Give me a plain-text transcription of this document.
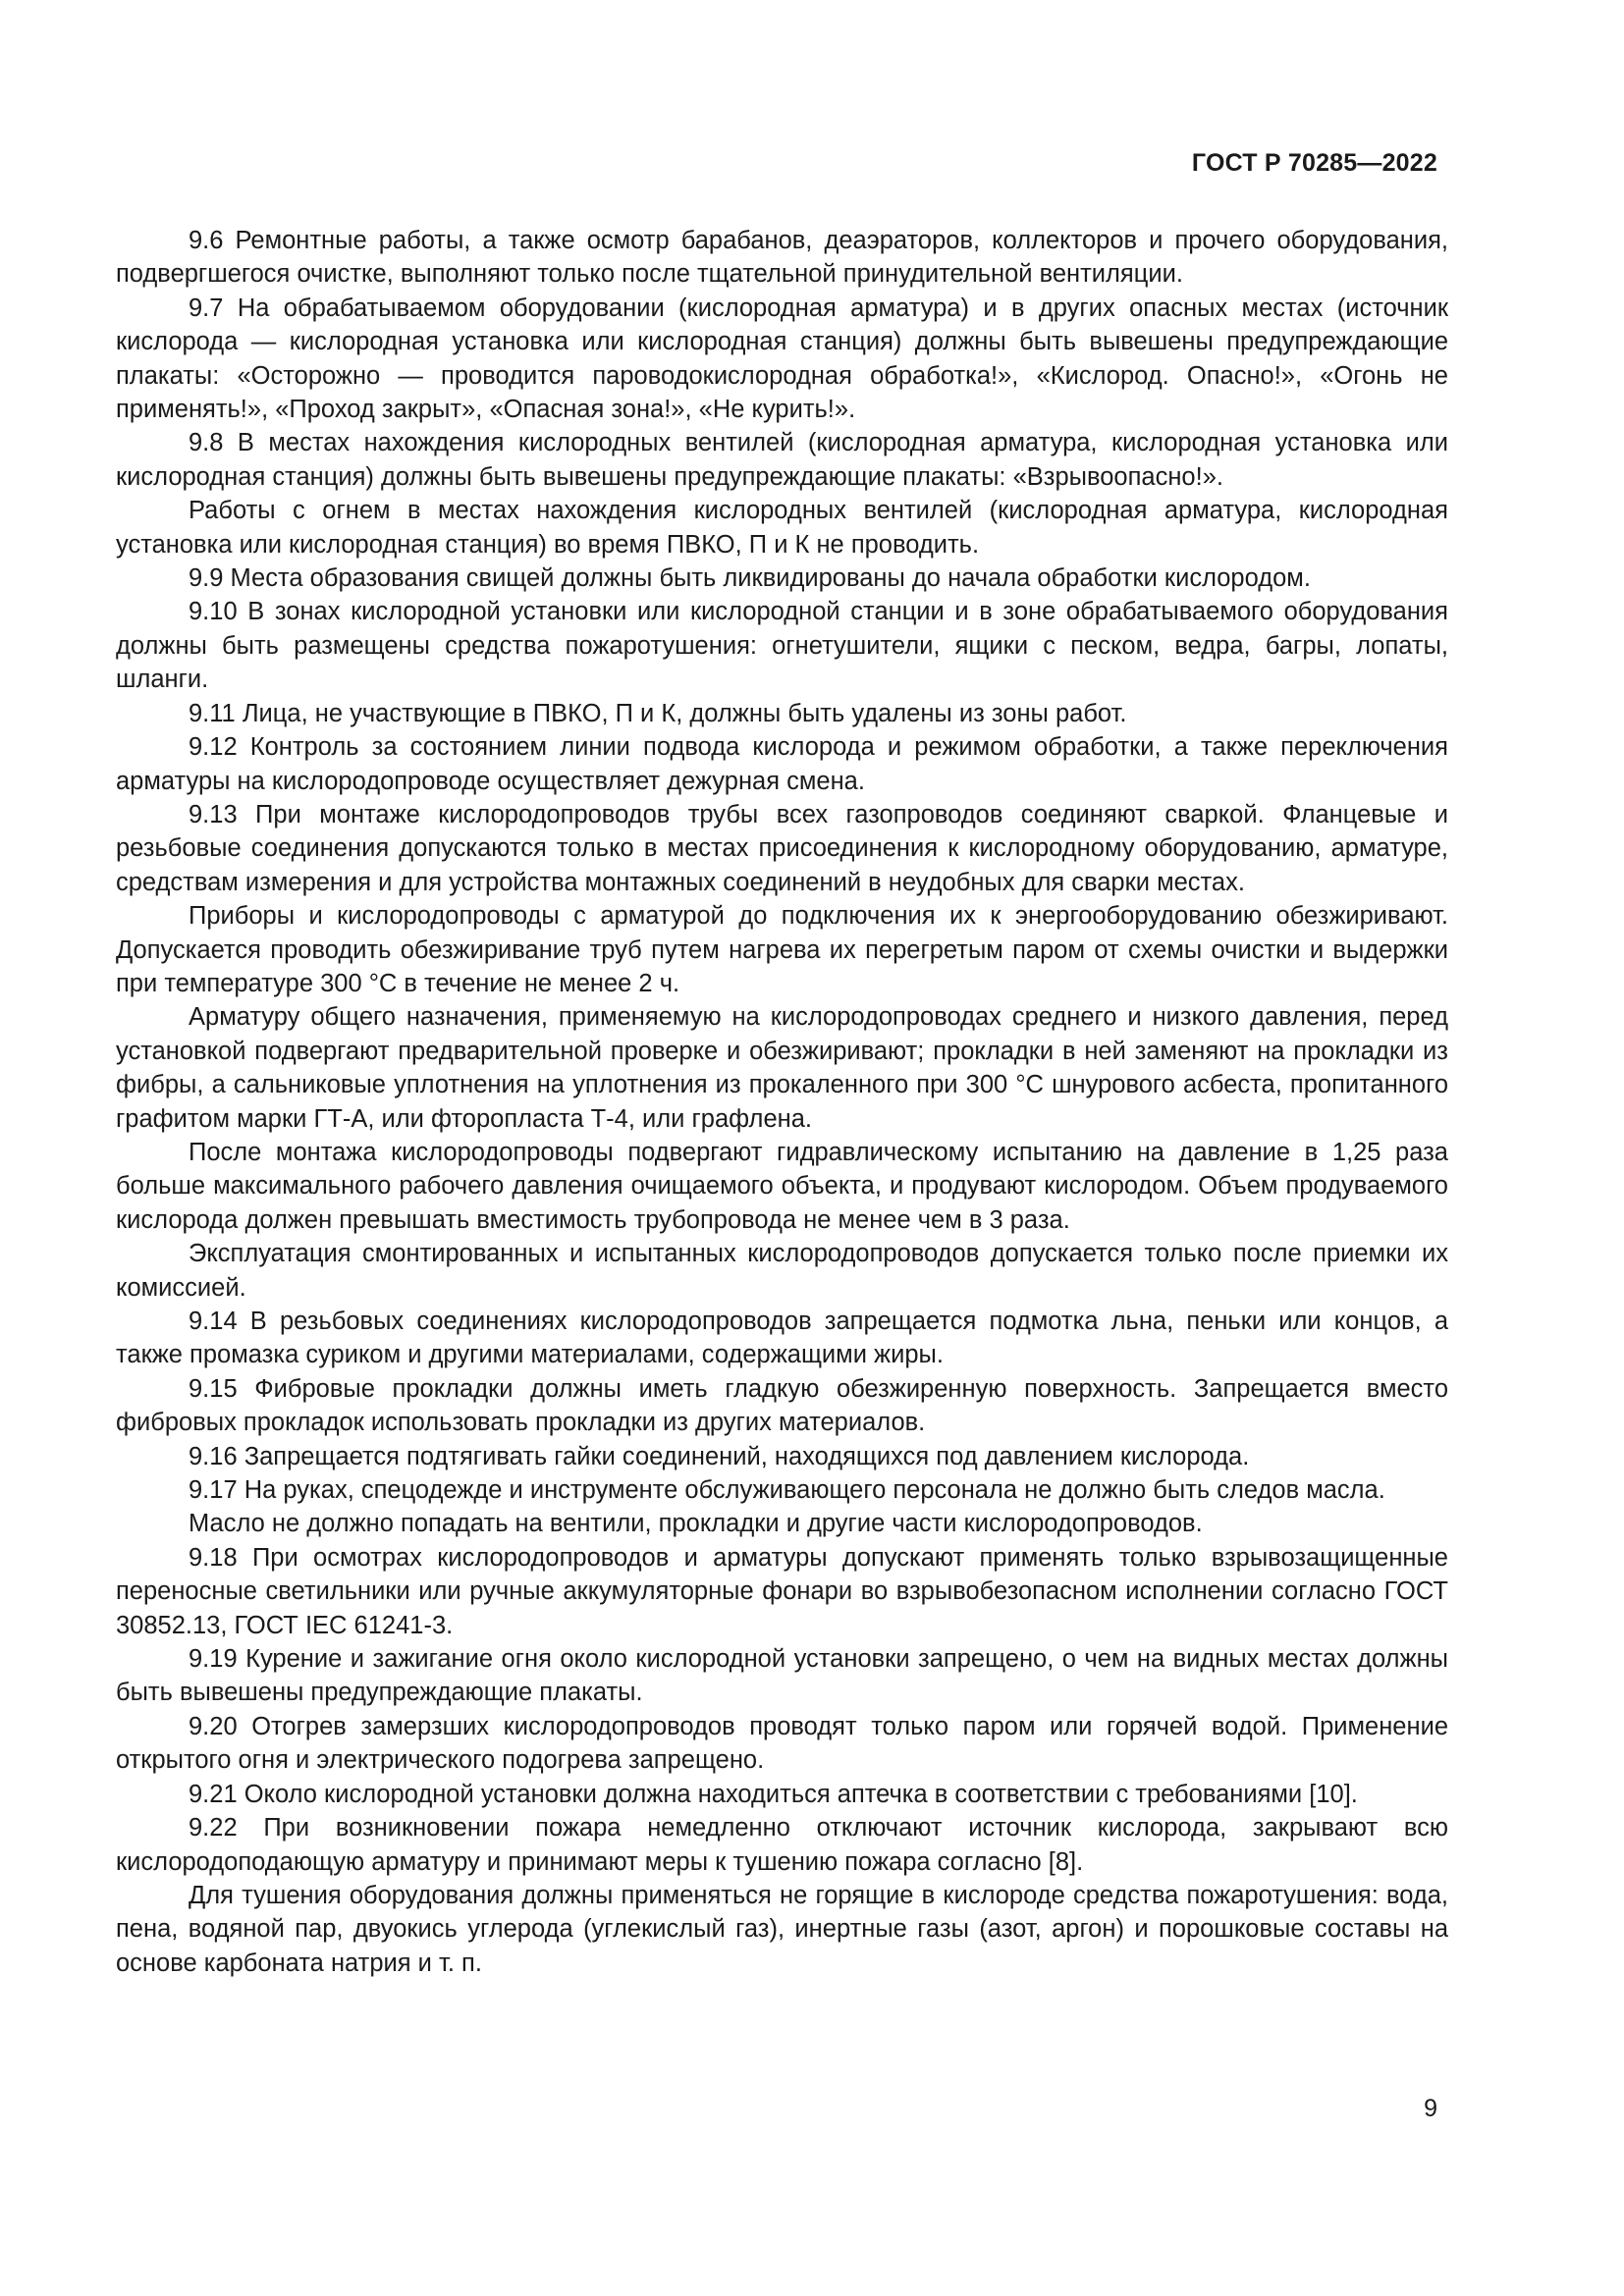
ГОСТ Р 70285—2022

9.6 Ремонтные работы, а также осмотр барабанов, деаэраторов, коллекторов и прочего оборудования, подвергшегося очистке, выполняют только после тщательной принудительной вентиляции.

9.7 На обрабатываемом оборудовании (кислородная арматура) и в других опасных местах (источник кислорода — кислородная установка или кислородная станция) должны быть вывешены предупреждающие плакаты: «Осторожно — проводится пароводокислородная обработка!», «Кислород. Опасно!», «Огонь не применять!», «Проход закрыт», «Опасная зона!», «Не курить!».

9.8 В местах нахождения кислородных вентилей (кислородная арматура, кислородная установка или кислородная станция) должны быть вывешены предупреждающие плакаты: «Взрывоопасно!».

Работы с огнем в местах нахождения кислородных вентилей (кислородная арматура, кислородная установка или кислородная станция) во время ПВКО, П и К не проводить.

9.9 Места образования свищей должны быть ликвидированы до начала обработки кислородом.

9.10 В зонах кислородной установки или кислородной станции и в зоне обрабатываемого оборудования должны быть размещены средства пожаротушения: огнетушители, ящики с песком, ведра, багры, лопаты, шланги.

9.11 Лица, не участвующие в ПВКО, П и К, должны быть удалены из зоны работ.

9.12 Контроль за состоянием линии подвода кислорода и режимом обработки, а также переключения арматуры на кислородопроводе осуществляет дежурная смена.

9.13 При монтаже кислородопроводов трубы всех газопроводов соединяют сваркой. Фланцевые и резьбовые соединения допускаются только в местах присоединения к кислородному оборудованию, арматуре, средствам измерения и для устройства монтажных соединений в неудобных для сварки местах.

Приборы и кислородопроводы с арматурой до подключения их к энергооборудованию обезжиривают. Допускается проводить обезжиривание труб путем нагрева их перегретым паром от схемы очистки и выдержки при температуре 300 °С в течение не менее 2 ч.

Арматуру общего назначения, применяемую на кислородопроводах среднего и низкого давления, перед установкой подвергают предварительной проверке и обезжиривают; прокладки в ней заменяют на прокладки из фибры, а сальниковые уплотнения на уплотнения из прокаленного при 300 °С шнурового асбеста, пропитанного графитом марки ГТ-А, или фторопласта Т-4, или графлена.

После монтажа кислородопроводы подвергают гидравлическому испытанию на давление в 1,25 раза больше максимального рабочего давления очищаемого объекта, и продувают кислородом. Объем продуваемого кислорода должен превышать вместимость трубопровода не менее чем в 3 раза.

Эксплуатация смонтированных и испытанных кислородопроводов допускается только после приемки их комиссией.

9.14 В резьбовых соединениях кислородопроводов запрещается подмотка льна, пеньки или концов, а также промазка суриком и другими материалами, содержащими жиры.

9.15 Фибровые прокладки должны иметь гладкую обезжиренную поверхность. Запрещается вместо фибровых прокладок использовать прокладки из других материалов.

9.16 Запрещается подтягивать гайки соединений, находящихся под давлением кислорода.

9.17 На руках, спецодежде и инструменте обслуживающего персонала не должно быть следов масла.

Масло не должно попадать на вентили, прокладки и другие части кислородопроводов.

9.18 При осмотрах кислородопроводов и арматуры допускают применять только взрывозащищенные переносные светильники или ручные аккумуляторные фонари во взрывобезопасном исполнении согласно ГОСТ 30852.13, ГОСТ IEC 61241-3.

9.19 Курение и зажигание огня около кислородной установки запрещено, о чем на видных местах должны быть вывешены предупреждающие плакаты.

9.20 Отогрев замерзших кислородопроводов проводят только паром или горячей водой. Применение открытого огня и электрического подогрева запрещено.

9.21 Около кислородной установки должна находиться аптечка в соответствии с требованиями [10].

9.22 При возникновении пожара немедленно отключают источник кислорода, закрывают всю кислородоподающую арматуру и принимают меры к тушению пожара согласно [8].

Для тушения оборудования должны применяться не горящие в кислороде средства пожаротушения: вода, пена, водяной пар, двуокись углерода (углекислый газ), инертные газы (азот, аргон) и порошковые составы на основе карбоната натрия и т. п.

9
